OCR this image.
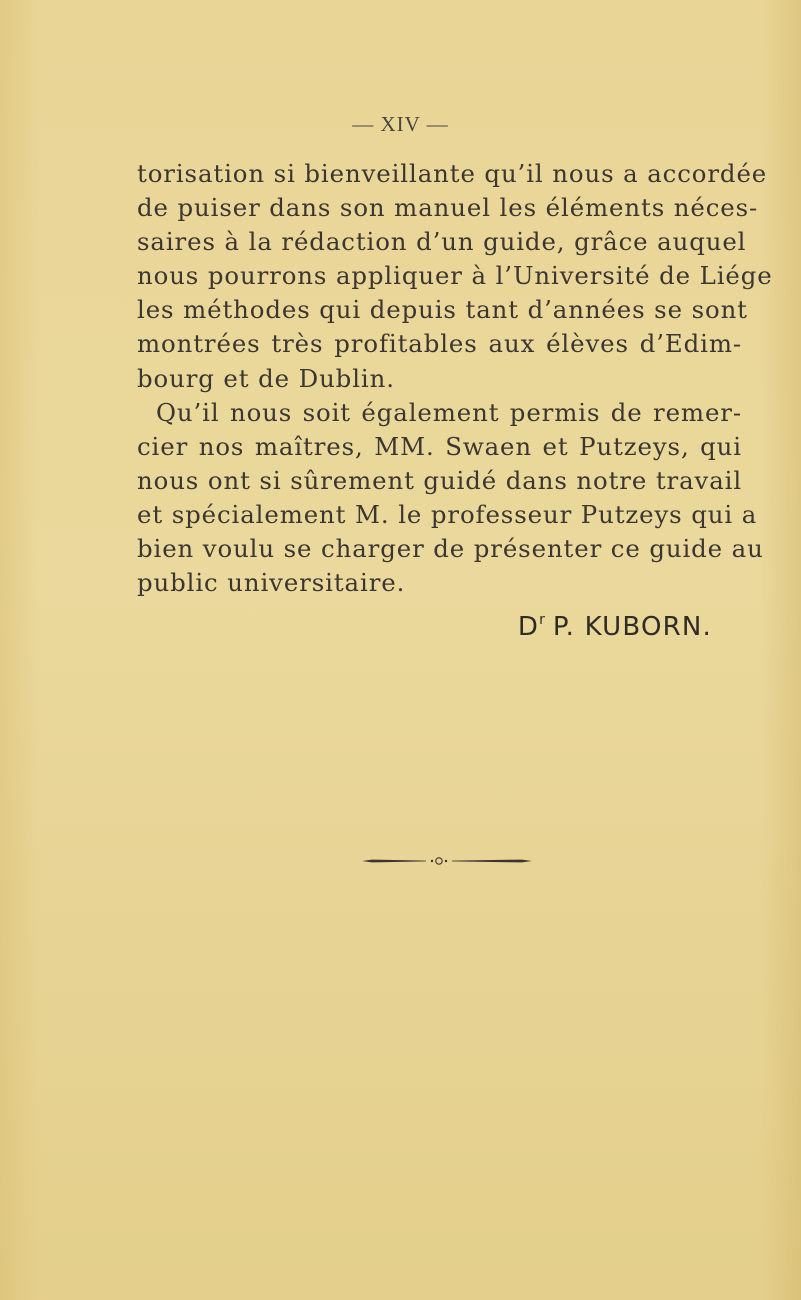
— XIV —
torisation si bienveillante qu’il nous a accordée
de puiser dans son manuel les éléments néces-
saires à la rédaction d’un guide, grâce auquel
nous pourrons appliquer à l’Université de Liége
les méthodes qui depuis tant d’années se sont
montrées très profitables aux élèves d’Edim-
bourg et de Dublin.
Qu’il nous soit également permis de remer-
cier nos maîtres, MM. Swaen et Putzeys, qui
nous ont si sûrement guidé dans notre travail
et spécialement M. le professeur Putzeys qui a
bien voulu se charger de présenter ce guide au
public universitaire.
$D^r$ P. KUBORN.
